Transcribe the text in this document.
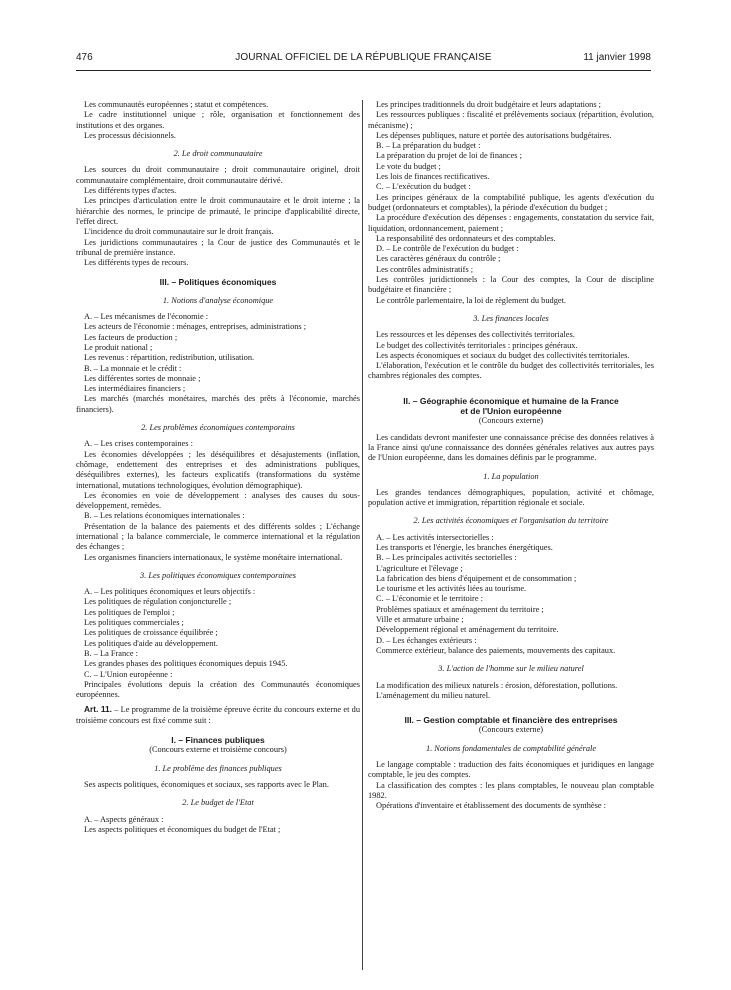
476	JOURNAL OFFICIEL DE LA RÉPUBLIQUE FRANÇAISE	11 janvier 1998

Les communautés européennes ; statut et compétences.

Le cadre institutionnel unique ; rôle, organisation et fonctionnement des institutions et des organes.

Les processus décisionnels.

2. Le droit communautaire

Les sources du droit communautaire ; droit communautaire originel, droit communautaire complémentaire, droit communautaire dérivé.

Les différents types d'actes.

Les principes d'articulation entre le droit communautaire et le droit interne ; la hiérarchie des normes, le principe de primauté, le principe d'applicabilité directe, l'effet direct.

L'incidence du droit communautaire sur le droit français.

Les juridictions communautaires ; la Cour de justice des Communautés et le tribunal de première instance.

Les différents types de recours.

III. – Politiques économiques

1. Notions d'analyse économique

A. – Les mécanismes de l'économie :

Les acteurs de l'économie : ménages, entreprises, administrations ;

Les facteurs de production ;

Le produit national ;

Les revenus : répartition, redistribution, utilisation.

B. – La monnaie et le crédit :

Les différentes sortes de monnaie ;

Les intermédiaires financiers ;

Les marchés (marchés monétaires, marchés des prêts à l'économie, marchés financiers).

2. Les problèmes économiques contemporains

A. – Les crises contemporaines :

Les économies développées ; les déséquilibres et désajustements (inflation, chômage, endettement des entreprises et des administrations publiques, déséquilibres externes), les facteurs explicatifs (transformations du système international, mutations technologiques, évolution démographique).

Les économies en voie de développement : analyses des causes du sous-développement, remèdes.

B. – Les relations économiques internationales :

Présentation de la balance des paiements et des différents soldes ; L'échange international ; la balance commerciale, le commerce international et la régulation des échanges ;

Les organismes financiers internationaux, le système monétaire international.

3. Les politiques économiques contemporaines

A. – Les politiques économiques et leurs objectifs :

Les politiques de régulation conjoncturelle ;

Les politiques de l'emploi ;

Les politiques commerciales ;

Les politiques de croissance équilibrée ;

Les politiques d'aide au développement.

B. – La France :

Les grandes phases des politiques économiques depuis 1945.

C. – L'Union européenne :

Principales évolutions depuis la création des Communautés économiques européennes.

Art. 11. – Le programme de la troisième épreuve écrite du concours externe et du troisième concours est fixé comme suit :

I. – Finances publiques

(Concours externe et troisième concours)

1. Le problème des finances publiques

Ses aspects politiques, économiques et sociaux, ses rapports avec le Plan.

2. Le budget de l'Etat

A. – Aspects généraux :

Les aspects politiques et économiques du budget de l'Etat ;

Les principes traditionnels du droit budgétaire et leurs adaptations ;

Les ressources publiques : fiscalité et prélèvements sociaux (répartition, évolution, mécanisme) ;

Les dépenses publiques, nature et portée des autorisations budgétaires.

B. – La préparation du budget :

La préparation du projet de loi de finances ;

Le vote du budget ;

Les lois de finances rectificatives.

C. – L'exécution du budget :

Les principes généraux de la comptabilité publique, les agents d'exécution du budget (ordonnateurs et comptables), la période d'exécution du budget ;

La procédure d'exécution des dépenses : engagements, constatation du service fait, liquidation, ordonnancement, paiement ;

La responsabilité des ordonnateurs et des comptables.

D. – Le contrôle de l'exécution du budget :

Les caractères généraux du contrôle ;

Les contrôles administratifs ;

Les contrôles juridictionnels : la Cour des comptes, la Cour de discipline budgétaire et financière ;

Le contrôle parlementaire, la loi de règlement du budget.

3. Les finances locales

Les ressources et les dépenses des collectivités territoriales.

Le budget des collectivités territoriales : principes généraux.

Les aspects économiques et sociaux du budget des collectivités territoriales.

L'élaboration, l'exécution et le contrôle du budget des collectivités territoriales, les chambres régionales des comptes.

II. – Géographie économique et humaine de la France

et de l'Union européenne

(Concours externe)

Les candidats devront manifester une connaissance précise des données relatives à la France ainsi qu'une connaissance des données générales relatives aux autres pays de l'Union européenne, dans les domaines définis par le programme.

1. La population

Les grandes tendances démographiques, population, activité et chômage, population active et immigration, répartition régionale et sociale.

2. Les activités économiques et l'organisation du territoire

A. – Les activités intersectorielles :

Les transports et l'énergie, les branches énergétiques.

B. – Les principales activités sectorielles :

L'agriculture et l'élevage ;

La fabrication des biens d'équipement et de consommation ;

Le tourisme et les activités liées au tourisme.

C. – L'économie et le territoire :

Problèmes spatiaux et aménagement du territoire ;

Ville et armature urbaine ;

Développement régional et aménagement du territoire.

D. – Les échanges extérieurs :

Commerce extérieur, balance des paiements, mouvements des capitaux.

3. L'action de l'homme sur le milieu naturel

La modification des milieux naturels : érosion, déforestation, pollutions.

L'aménagement du milieu naturel.

III. – Gestion comptable et financière des entreprises

(Concours externe)

1. Notions fondamentales de comptabilité générale

Le langage comptable : traduction des faits économiques et juridiques en langage comptable, le jeu des comptes.

La classification des comptes : les plans comptables, le nouveau plan comptable 1982.

Opérations d'inventaire et établissement des documents de synthèse :
